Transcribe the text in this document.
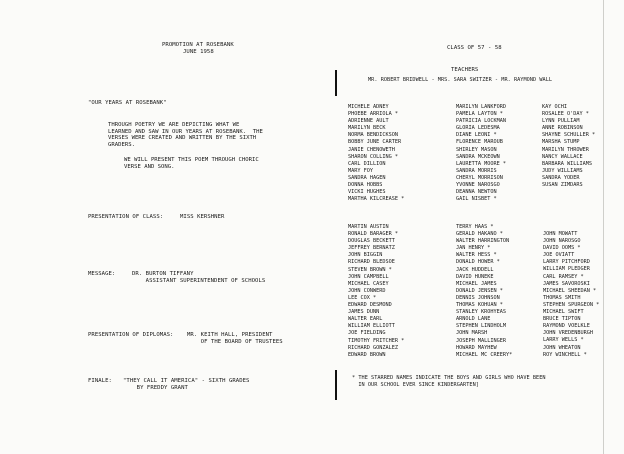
PROMOTION AT ROSEBANK
JUNE 1958
"OUR YEARS AT ROSEBANK"
THROUGH POETRY WE ARE DEPICTING WHAT WE
LEARNED AND SAW IN OUR YEARS AT ROSEBANK.  THE
VERSES WERE CREATED AND WRITTEN BY THE SIXTH
GRADERS.
WE WILL PRESENT THIS POEM THROUGH CHORIC
VERSE AND SONG.
PRESENTATION OF CLASS:	MISS KERSHNER
MESSAGE:	DR. BURTON TIFFANY
ASSISTANT SUPERINTENDENT OF SCHOOLS
PRESENTATION OF DIPLOMAS: MR. KEITH HALL, PRESIDENT
OF THE BOARD OF TRUSTEES
FINALE: "THEY CALL IT AMERICA" - SIXTH GRADES
BY FREDDY GRANT
CLASS OF 57 - 58
TEACHERS
MR. ROBERT BRIDWELL - MRS. SARA SWITZER - MR. RAYMOND WALL
MICHELE ADNEY
PHOEBE ARRIOLA *
ADRIENNE AULT
MARILYN BECK
NORMA BENDICKSON
BOBBY JUNE CARTER
JANIE CHENOWETH
SHARON COLLING *
CARL DILLION
MARY FOY
SANDRA HAGEN
DONNA HOBBS
VICKI HUGHES
MARTHA KILCREASE *
MARILYN LANKFORD
PAMELA LAYTON *
PATRICIA LOCKMAN
GLORIA LEDESMA
DIANE LEONI *
FLORENCE MAROUB
SHIRLEY MASON
SANDRA MCKEOWN
LAURETTA MOORE *
SANDRA MORRIS
CHERYL MORRISON
YVONNE NAROSGO
DEANNA NEWTON
GAIL NISBET *
KAY OCHI
ROSALEE O'DAY *
LYNN PULLIAM
ANNE ROBINSON
SHAYNE SCHULLER *
MARSHA STUMP
MARILYN THROWER
NANCY WALLACE
BARBARA WILLIAMS
JUDY WILLIAMS
SANDRA YODER
SUSAN ZIMDARS
MARTIN AUSTIN
RONALD BARAGER *
DOUGLAS BECKETT
JEFFREY BERNATZ
JOHN BIGGIN
RICHARD BLEDSOE
STEVEN BROWN *
JOHN CAMPBELL
MICHAEL CASEY
JOHN CONWERD
LEE COX *
EDWARD DESMOND
JAMES DUNN
WALTER EARL
WILLIAM ELLIOTT
JOE FIELDING
TIMOTHY FRITCHER *
RICHARD GONZALEZ
EDWARD BROWN
TERRY HAAS *
GERALD HAKANO *
WALTER HARRINGTON
JAN HENRY *
WALTER HESS *
DONALD HOWER *
JACK HUDDELL
DAVID HUNEKE
MICHAEL JAMES
DONALD JENSEN *
DENNIS JOHNSON
THOMAS KOHUAN *
STANLEY KROHYEAS
ARNOLD LANE
STEPHEN LINDHOLM
JOHN MARSH
JOSEPH MALLINGER
HOWARD MAYHEW
MICHAEL MC CREERY*
JOHN MOWATT
JOHN NAROSGO
DAVID OOMS *
JOE OVIATT
LARRY PITCHFORD
WILLIAM PLEDGER
CARL RAMSEY *
JAMES SAVOROSKI
MICHAEL SHEEDAN *
THOMAS SMITH
STEPHEN SPURGEON *
MICHAEL SWIFT
BRUCE TIPTON
RAYMOND VOELKLE
JOHN VREDENBURGH
LARRY WELLS *
JOHN WHEATON
ROY WINCHELL *
* THE STARRED NAMES INDICATE THE BOYS AND GIRLS WHO HAVE BEEN
IN OUR SCHOOL EVER SINCE KINDERGARTEN]
